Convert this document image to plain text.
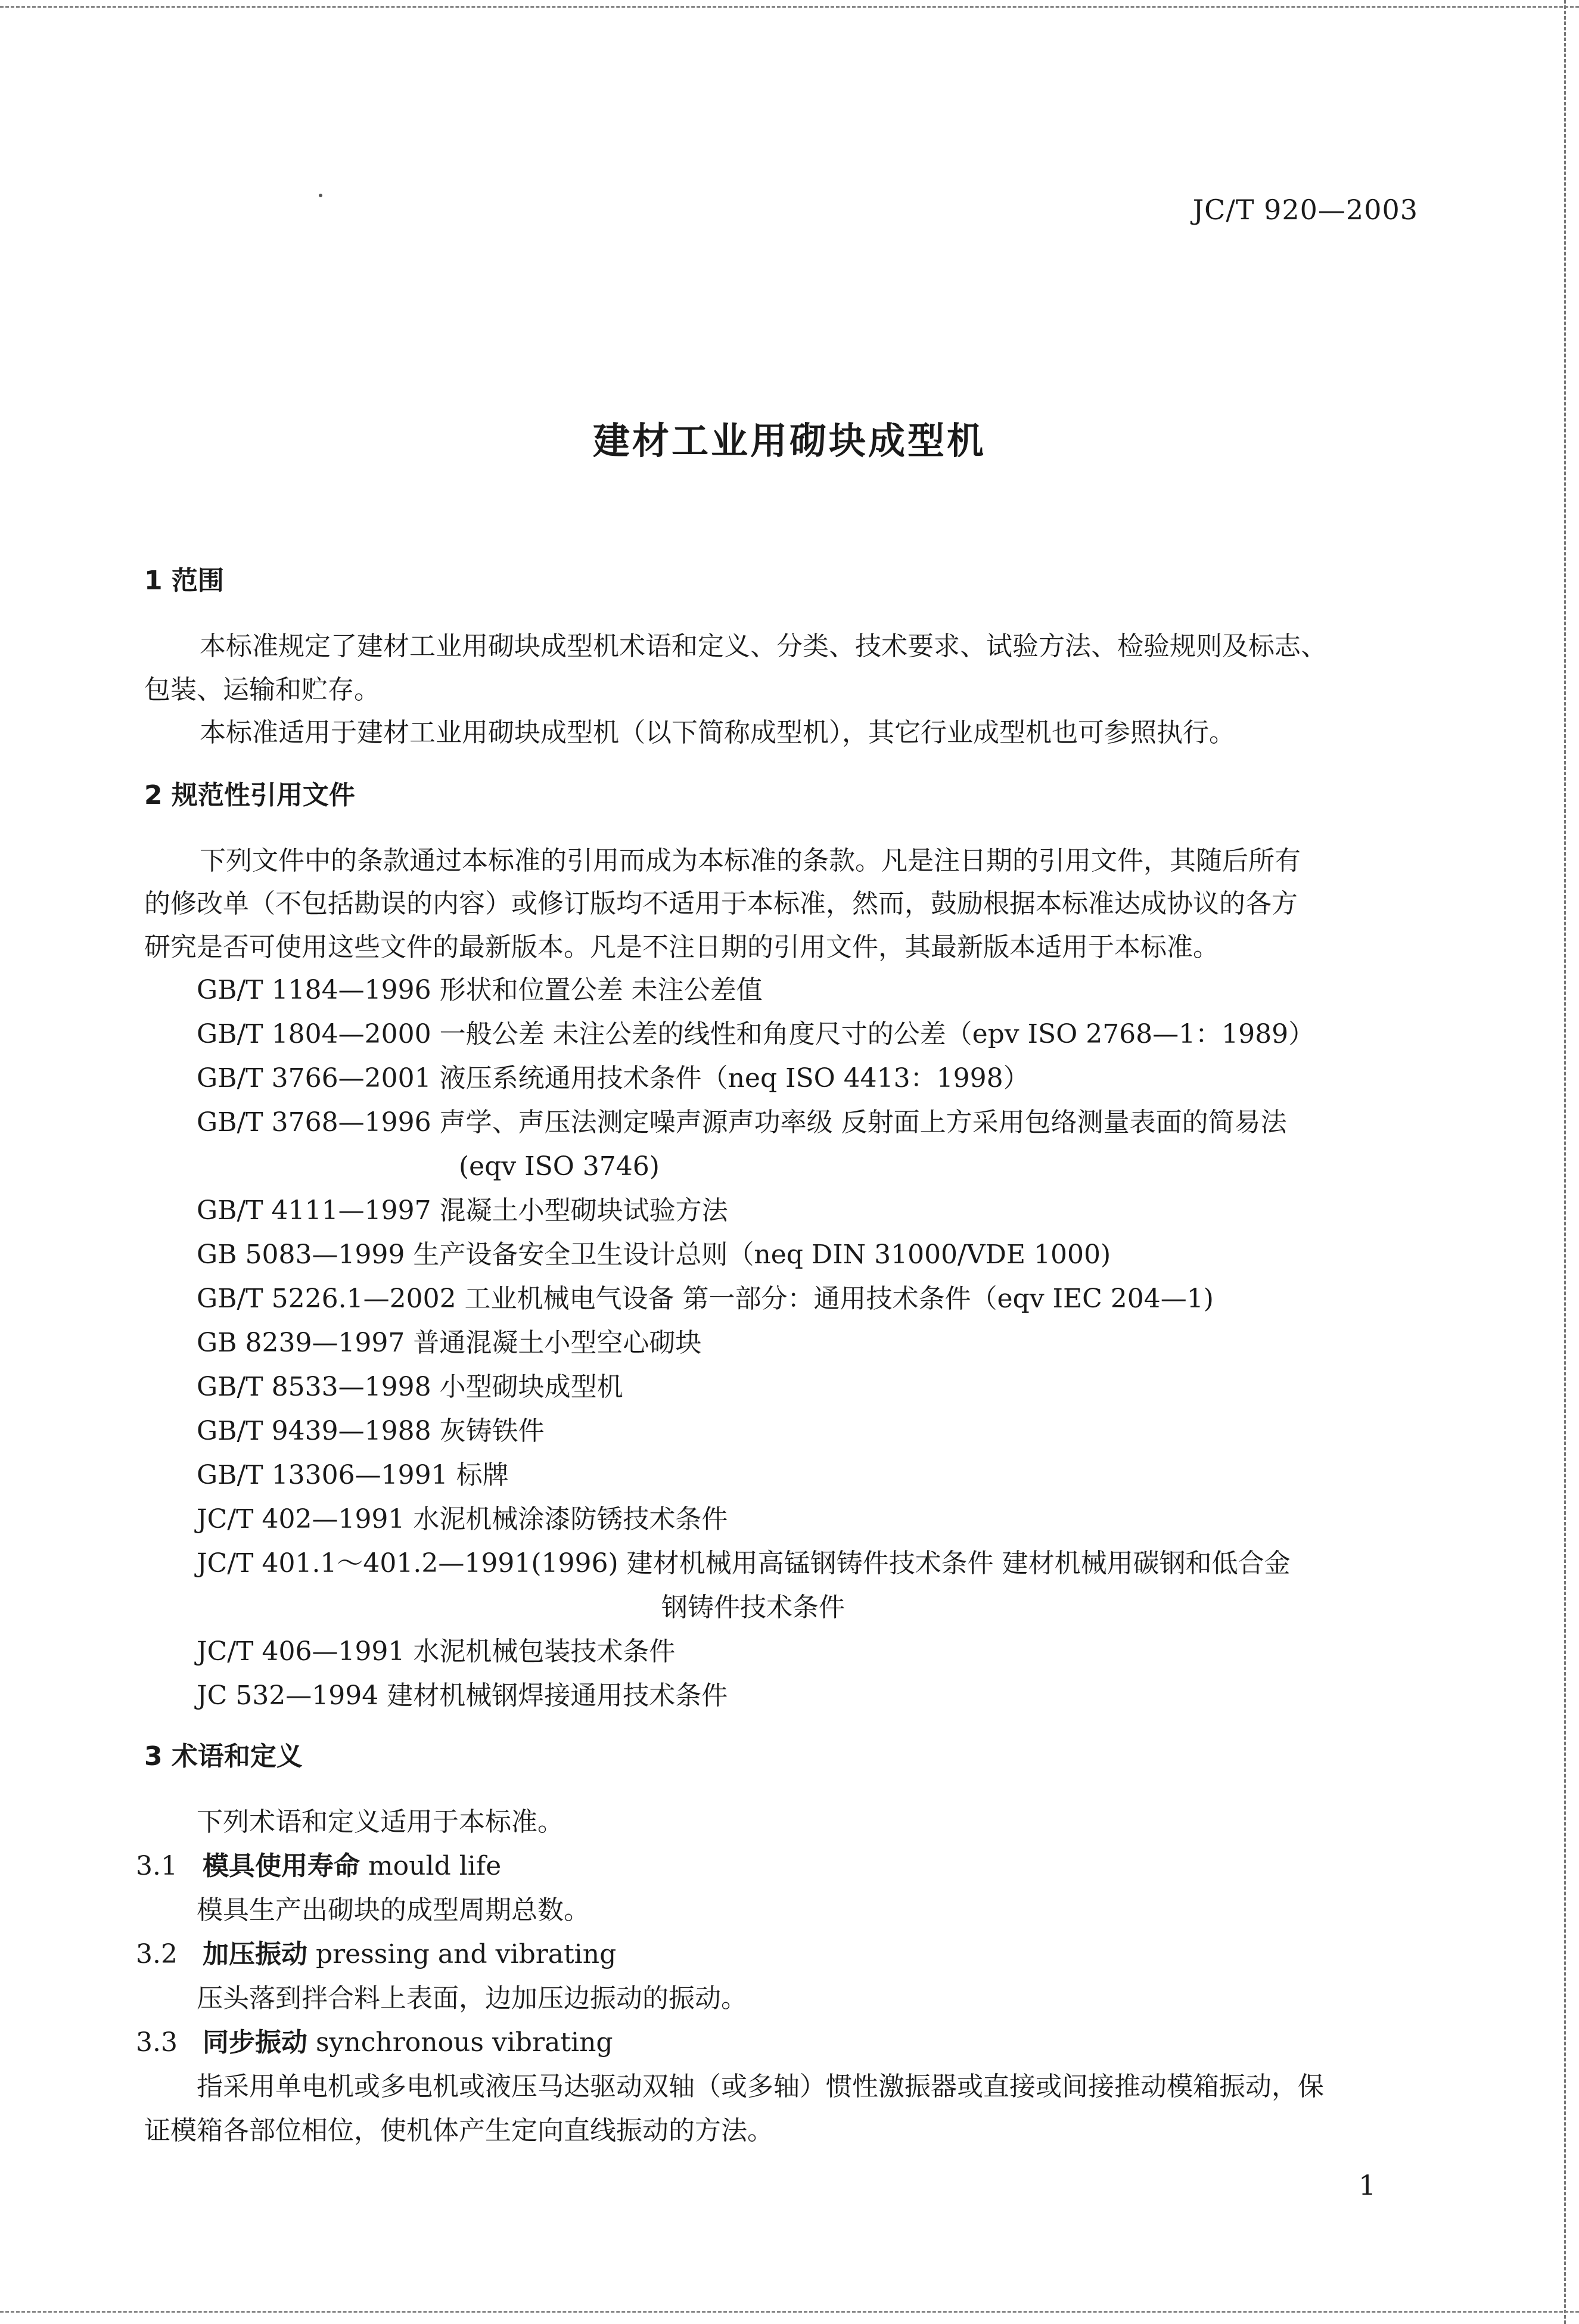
JC/T 920—2003
建材工业用砌块成型机
1 范围
本标准规定了建材工业用砌块成型机术语和定义、分类、技术要求、试验方法、检验规则及标志、
包装、运输和贮存。
本标准适用于建材工业用砌块成型机（以下简称成型机），其它行业成型机也可参照执行。
2 规范性引用文件
下列文件中的条款通过本标准的引用而成为本标准的条款。凡是注日期的引用文件，其随后所有
的修改单（不包括勘误的内容）或修订版均不适用于本标准，然而，鼓励根据本标准达成协议的各方
研究是否可使用这些文件的最新版本。凡是不注日期的引用文件，其最新版本适用于本标准。
GB/T 1184—1996 形状和位置公差 未注公差值
GB/T 1804—2000 一般公差 未注公差的线性和角度尺寸的公差（epv ISO 2768—1：1989）
GB/T 3766—2001 液压系统通用技术条件（neq ISO 4413：1998）
GB/T 3768—1996 声学、声压法测定噪声源声功率级 反射面上方采用包络测量表面的简易法
(eqv ISO 3746)
GB/T 4111—1997 混凝土小型砌块试验方法
GB 5083—1999 生产设备安全卫生设计总则（neq DIN 31000/VDE 1000)
GB/T 5226.1—2002 工业机械电气设备 第一部分：通用技术条件（eqv IEC 204—1)
GB 8239—1997 普通混凝土小型空心砌块
GB/T 8533—1998 小型砌块成型机
GB/T 9439—1988 灰铸铁件
GB/T 13306—1991 标牌
JC/T 402—1991 水泥机械涂漆防锈技术条件
JC/T 401.1～401.2—1991(1996) 建材机械用高锰钢铸件技术条件 建材机械用碳钢和低合金
钢铸件技术条件
JC/T 406—1991 水泥机械包装技术条件
JC 532—1994 建材机械钢焊接通用技术条件
3 术语和定义
下列术语和定义适用于本标准。
3.1 模具使用寿命 mould life
模具生产出砌块的成型周期总数。
3.2 加压振动 pressing and vibrating
压头落到拌合料上表面，边加压边振动的振动。
3.3 同步振动 synchronous vibrating
指采用单电机或多电机或液压马达驱动双轴（或多轴）惯性激振器或直接或间接推动模箱振动，保
证模箱各部位相位，使机体产生定向直线振动的方法。
1
